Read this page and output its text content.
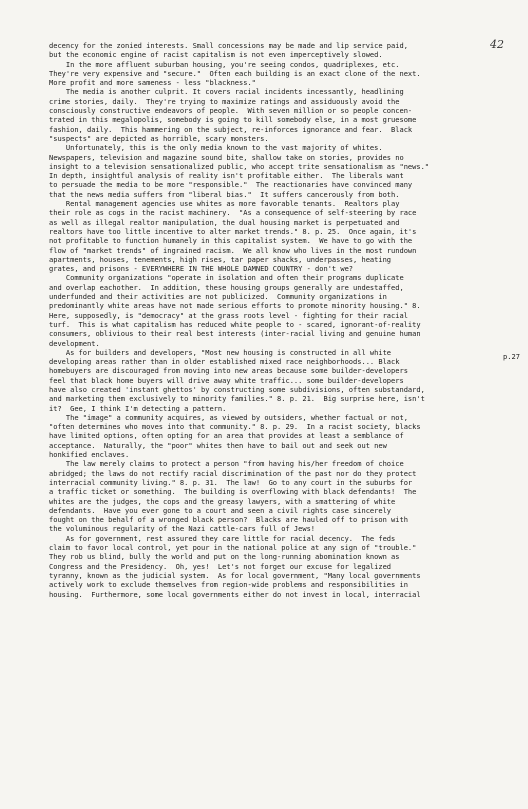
42
p.27
decency for the zonied interests. Small concessions may be made and lip service paid,
but the economic engine of racist capitalism is not even imperceptively slowed.
In the more affluent suburban housing, you're seeing condos, quadriplexes, etc.
They're very expensive and "secure."  Often each building is an exact clone of the next.
More profit and more sameness - less "blackness."
The media is another culprit. It covers racial incidents incessantly, headlining
crime stories, daily.  They're trying to maximize ratings and assiduously avoid the
consciously constructive endeavors of people.  With seven million or so people concen-
trated in this megalopolis, somebody is going to kill somebody else, in a most gruesome
fashion, daily.  This hammering on the subject, re-inforces ignorance and fear.  Black
"suspects" are depicted as horrible, scary monsters.
Unfortunately, this is the only media known to the vast majority of whites.
Newspapers, television and magazine sound bite, shallow take on stories, provides no
insight to a television sensationalized public, who accept trite sensationalism as "news."
In depth, insightful analysis of reality isn't profitable either.  The liberals want
to persuade the media to be more "responsible."  The reactionaries have convinced many
that the news media suffers from "liberal bias."  It suffers cancerously from both.
Rental management agencies use whites as more favorable tenants.  Realtors play
their role as cogs in the racist machinery.  "As a consequence of self-steering by race
as well as illegal realtor manipulation, the dual housing market is perpetuated and
realtors have too little incentive to alter market trends." 8. p. 25.  Once again, it's
not profitable to function humanely in this capitalist system.  We have to go with the
flow of "market trends" of ingrained racism.  We all know who lives in the most rundown
apartments, houses, tenements, high rises, tar paper shacks, underpasses, heating
grates, and prisons - EVERYWHERE IN THE WHOLE DAMNED COUNTRY - don't we?
Community organizations "operate in isolation and often their programs duplicate
and overlap eachother.  In addition, these housing groups generally are undestaffed,
underfunded and their activities are not publicized.  Community organizations in
predominantly white areas have not made serious efforts to promote minority housing." 8.
Here, supposedly, is "democracy" at the grass roots level - fighting for their racial
turf.  This is what capitalism has reduced white people to - scared, ignorant-of-reality
consumers, oblivious to their real best interests (inter-racial living and genuine human
development.
As for builders and developers, "Most new housing is constructed in all white
developing areas rather than in older established mixed race neighborhoods... Black
homebuyers are discouraged from moving into new areas because some builder-developers
feel that black home buyers will drive away white traffic... some builder-developers
have also created 'instant ghettos' by constructing some subdivisions, often substandard,
and marketing them exclusively to minority families." 8. p. 21.  Big surprise here, isn't
it?  Gee, I think I'm detecting a pattern.
The "image" a community acquires, as viewed by outsiders, whether factual or not,
"often determines who moves into that community." 8. p. 29.  In a racist society, blacks
have limited options, often opting for an area that provides at least a semblance of
acceptance.  Naturally, the "poor" whites then have to bail out and seek out new
honkified enclaves.
The law merely claims to protect a person "from having his/her freedom of choice
abridged; the laws do not rectify racial discrimination of the past nor do they protect
interracial community living." 8. p. 31.  The law!  Go to any court in the suburbs for
a traffic ticket or something.  The building is overflowing with black defendants!  The
whites are the judges, the cops and the greasy lawyers, with a smattering of white
defendants.  Have you ever gone to a court and seen a civil rights case sincerely
fought on the behalf of a wronged black person?  Blacks are hauled off to prison with
the voluminous regularity of the Nazi cattle-cars full of Jews!
As for government, rest assured they care little for racial decency.  The feds
claim to favor local control, yet pour in the national police at any sign of "trouble."
They rob us blind, bully the world and put on the long-running abomination known as
Congress and the Presidency.  Oh, yes!  Let's not forget our excuse for legalized
tyranny, known as the judicial system.  As for local government, "Many local governments
actively work to exclude themselves from region-wide problems and responsibilities in
housing.  Furthermore, some local governments either do not invest in local, interracial
